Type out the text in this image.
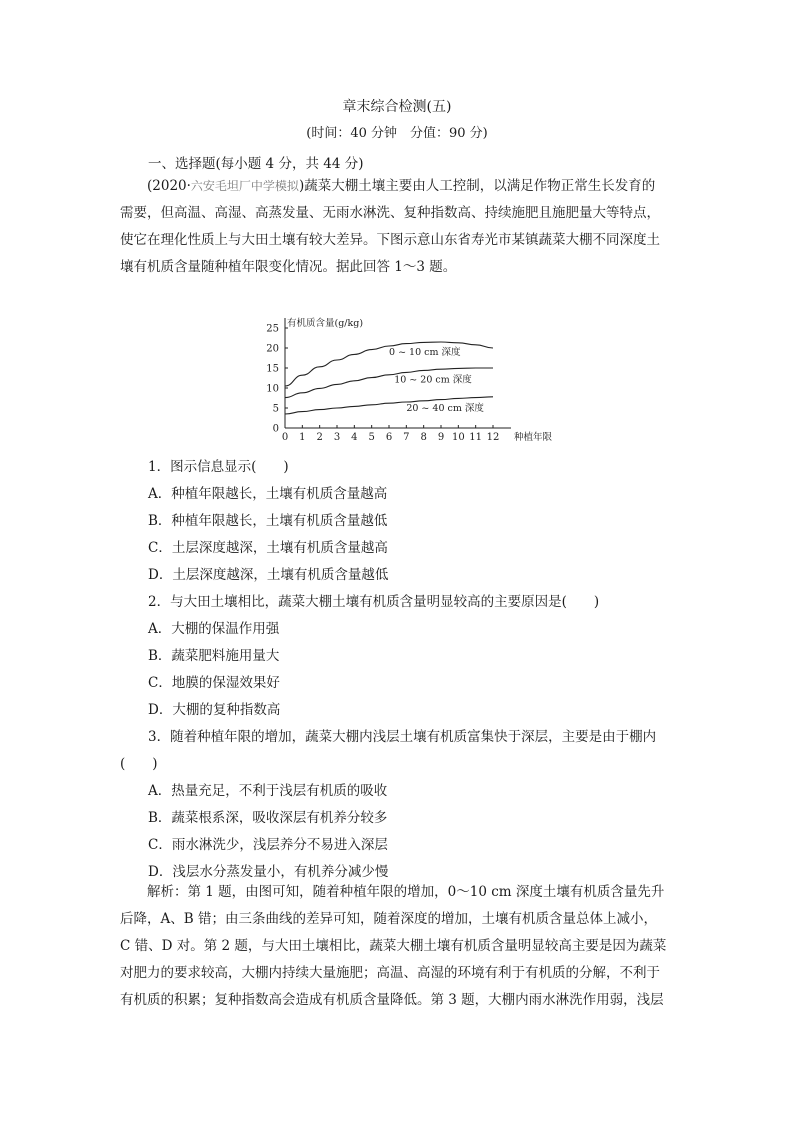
章末综合检测(五)
(时间：40 分钟　分值：90 分)
一、选择题(每小题 4 分，共 44 分)
(2020·六安毛坦厂中学模拟)蔬菜大棚土壤主要由人工控制，以满足作物正常生长发育的
需要，但高温、高湿、高蒸发量、无雨水淋洗、复种指数高、持续施肥且施肥量大等特点，
使它在理化性质上与大田土壤有较大差异。下图示意山东省寿光市某镇蔬菜大棚不同深度土
壤有机质含量随种植年限变化情况。据此回答 1～3 题。
0 1 2 3 4 5 6 7 8 9 10 11 12
0
5
10
15
20
25 有机质含量(g/kg)
种植年限
0 ~ 10 cm 深度
10 ~ 20 cm 深度
20 ~ 40 cm 深度
1．图示信息显示(　　)
A．种植年限越长，土壤有机质含量越高
B．种植年限越长，土壤有机质含量越低
C．土层深度越深，土壤有机质含量越高
D．土层深度越深，土壤有机质含量越低
2．与大田土壤相比，蔬菜大棚土壤有机质含量明显较高的主要原因是(　　)
A．大棚的保温作用强
B．蔬菜肥料施用量大
C．地膜的保湿效果好
D．大棚的复种指数高
3．随着种植年限的增加，蔬菜大棚内浅层土壤有机质富集快于深层，主要是由于棚内
(　　)
A．热量充足，不利于浅层有机质的吸收
B．蔬菜根系深，吸收深层有机养分较多
C．雨水淋洗少，浅层养分不易进入深层
D．浅层水分蒸发量小，有机养分减少慢
解析：第 1 题，由图可知，随着种植年限的增加，0～10 cm 深度土壤有机质含量先升
后降，A、B 错；由三条曲线的差异可知，随着深度的增加，土壤有机质含量总体上减小，
C 错、D 对。第 2 题，与大田土壤相比，蔬菜大棚土壤有机质含量明显较高主要是因为蔬菜
对肥力的要求较高，大棚内持续大量施肥；高温、高湿的环境有利于有机质的分解，不利于
有机质的积累；复种指数高会造成有机质含量降低。第 3 题，大棚内雨水淋洗作用弱，浅层
